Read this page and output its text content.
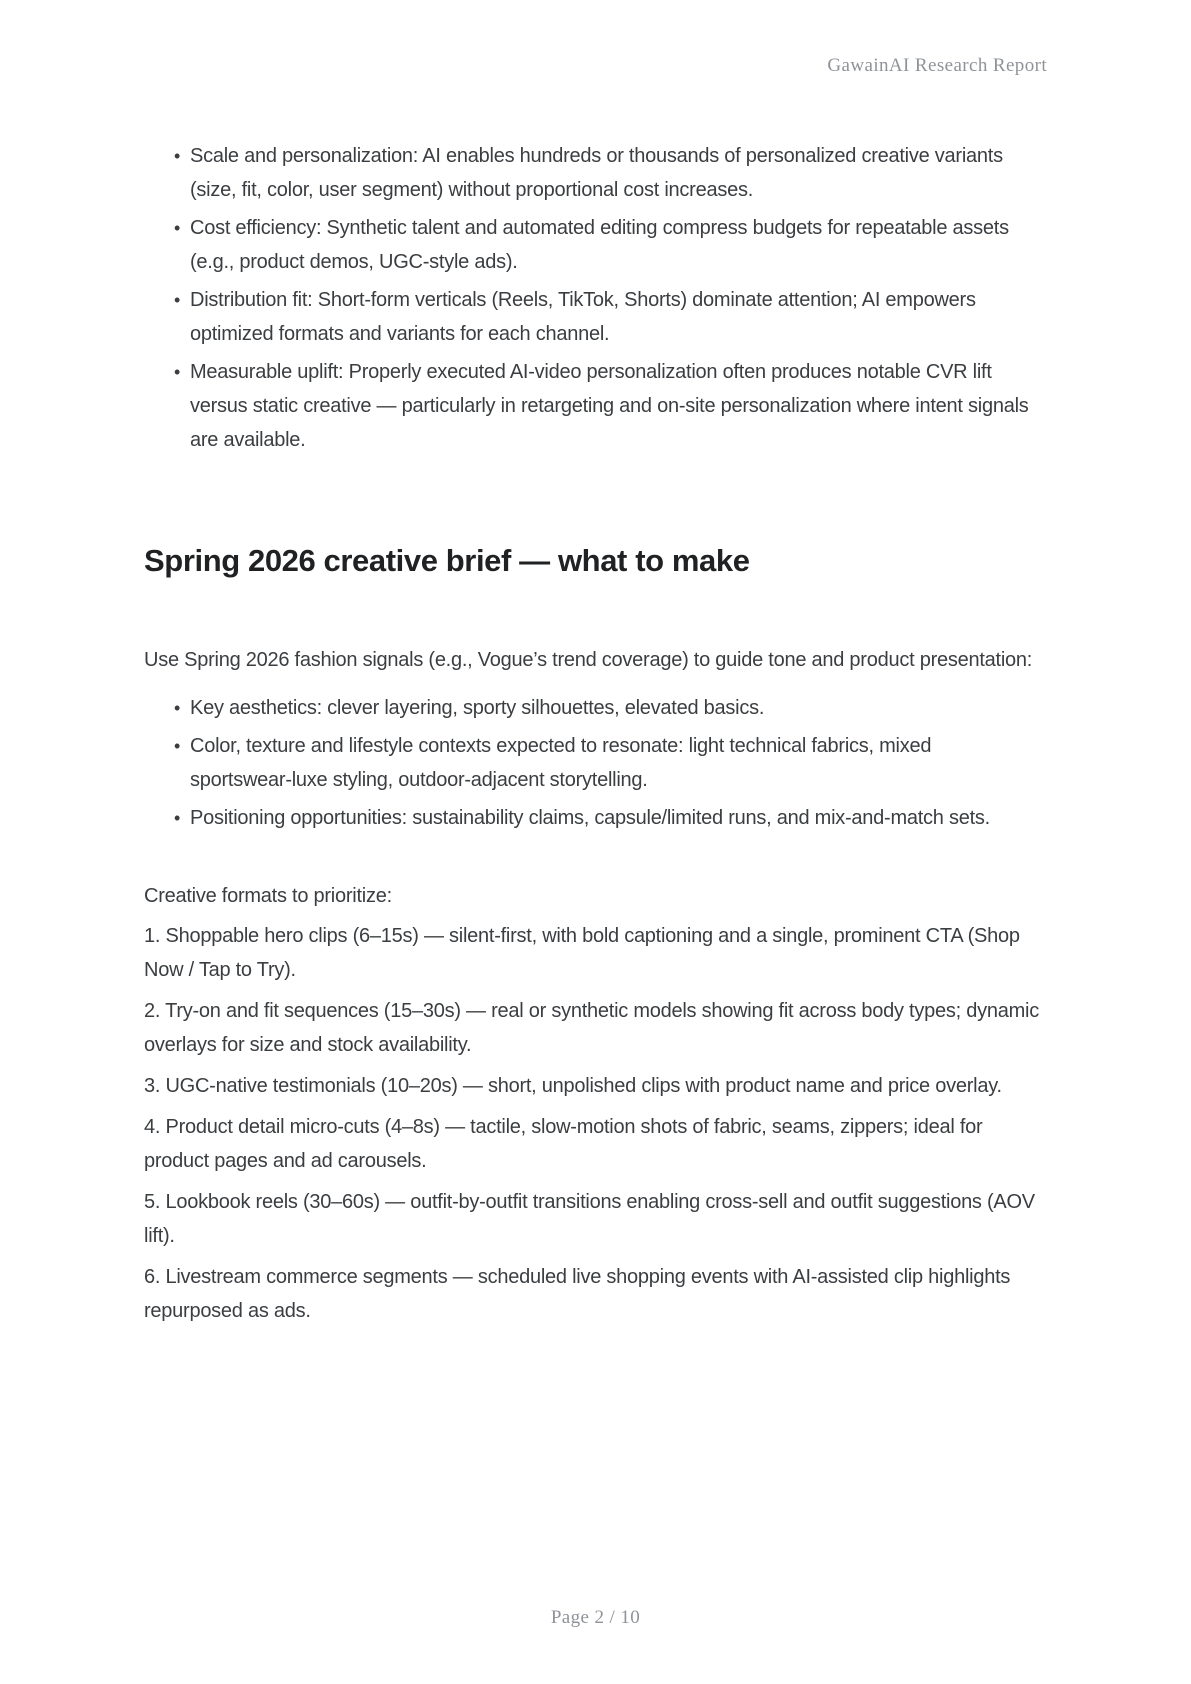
GawainAI Research Report
• Scale and personalization: AI enables hundreds or thousands of personalized creative variants (size, fit, color, user segment) without proportional cost increases.
• Cost efficiency: Synthetic talent and automated editing compress budgets for repeatable assets (e.g., product demos, UGC-style ads).
• Distribution fit: Short-form verticals (Reels, TikTok, Shorts) dominate attention; AI empowers optimized formats and variants for each channel.
• Measurable uplift: Properly executed AI-video personalization often produces notable CVR lift versus static creative — particularly in retargeting and on-site personalization where intent signals are available.
Spring 2026 creative brief — what to make

Use Spring 2026 fashion signals (e.g., Vogue’s trend coverage) to guide tone and product presentation:

• Key aesthetics: clever layering, sporty silhouettes, elevated basics.
• Color, texture and lifestyle contexts expected to resonate: light technical fabrics, mixed sportswear-luxe styling, outdoor-adjacent storytelling.
• Positioning opportunities: sustainability claims, capsule/limited runs, and mix-and-match sets.

Creative formats to prioritize:

1. Shoppable hero clips (6–15s) — silent-first, with bold captioning and a single, prominent CTA (Shop Now / Tap to Try).

2. Try-on and fit sequences (15–30s) — real or synthetic models showing fit across body types; dynamic overlays for size and stock availability.

3. UGC-native testimonials (10–20s) — short, unpolished clips with product name and price overlay.

4. Product detail micro-cuts (4–8s) — tactile, slow-motion shots of fabric, seams, zippers; ideal for product pages and ad carousels.

5. Lookbook reels (30–60s) — outfit-by-outfit transitions enabling cross-sell and outfit suggestions (AOV lift).

6. Livestream commerce segments — scheduled live shopping events with AI-assisted clip highlights repurposed as ads.

Page 2 / 10
